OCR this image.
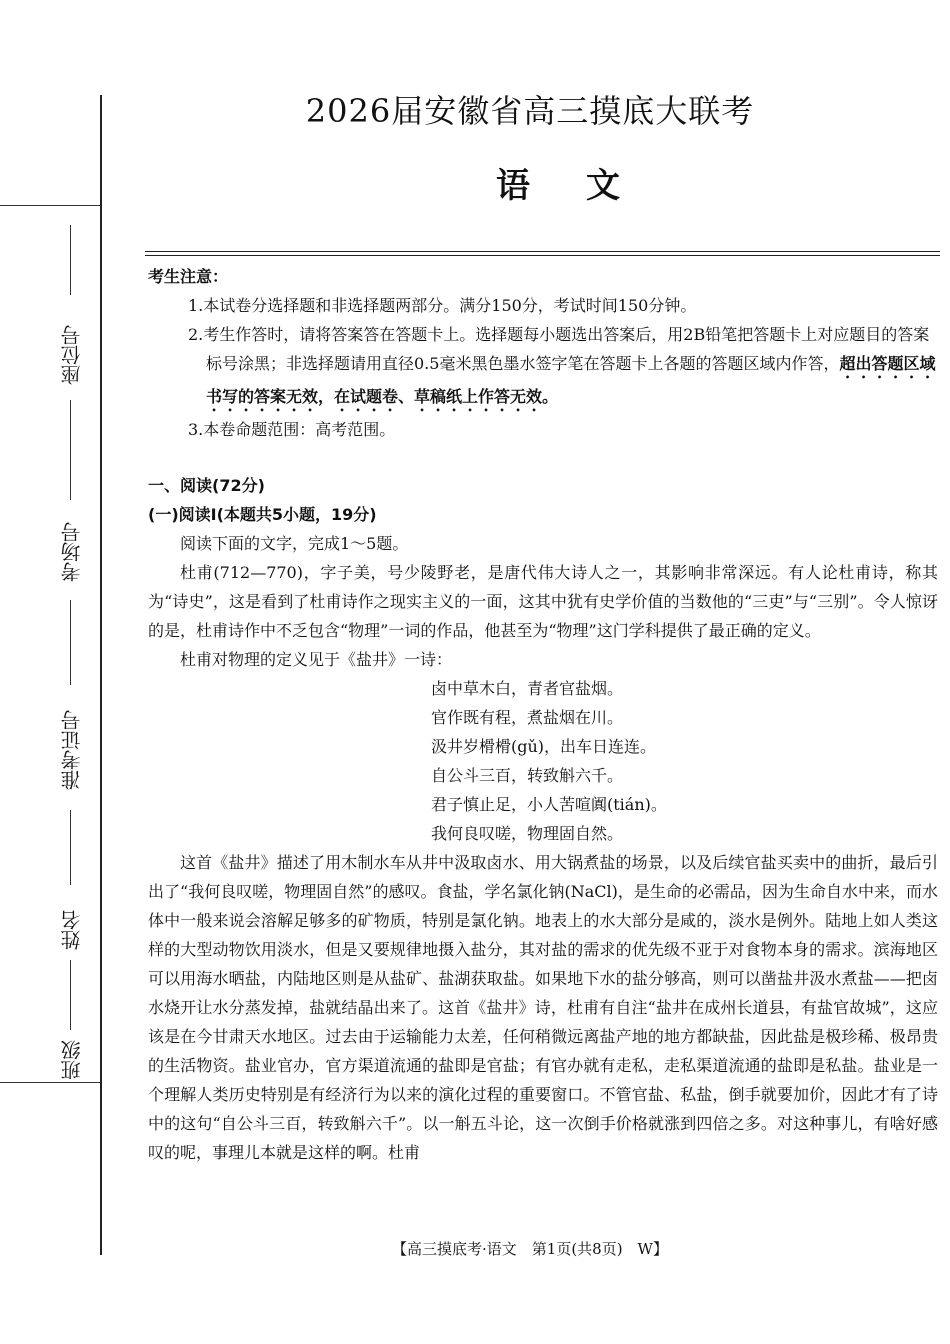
座位号
考场号
准考证号
姓名
班级
2026届安徽省高三摸底大联考
语文
考生注意：
1.本试卷分选择题和非选择题两部分。满分150分，考试时间150分钟。
2.考生作答时，请将答案答在答题卡上。选择题每小题选出答案后，用2B铅笔把答题卡上对应题目的答案标号涂黑；非选择题请用直径0.5毫米黑色墨水签字笔在答题卡上各题的答题区域内作答，超出答题区域书写的答案无效，在试题卷、草稿纸上作答无效。
3.本卷命题范围：高考范围。
一、阅读(72分)
(一)阅读Ⅰ(本题共5小题，19分)

阅读下面的文字，完成1～5题。

杜甫(712—770)，字子美，号少陵野老，是唐代伟大诗人之一，其影响非常深远。有人论杜甫诗，称其为“诗史”，这是看到了杜甫诗作之现实主义的一面，这其中犹有史学价值的当数他的“三吏”与“三别”。令人惊讶的是，杜甫诗作中不乏包含“物理”一词的作品，他甚至为“物理”这门学科提供了最正确的定义。

杜甫对物理的定义见于《盐井》一诗：

卤中草木白，青者官盐烟。
官作既有程，煮盐烟在川。
汲井岁榾榾(gǔ)，出车日连连。
自公斗三百，转致斛六千。
君子慎止足，小人苦喧阗(tián)。
我何良叹嗟，物理固自然。

这首《盐井》描述了用木制水车从井中汲取卤水、用大锅煮盐的场景，以及后续官盐买卖中的曲折，最后引出了“我何良叹嗟，物理固自然”的感叹。食盐，学名氯化钠(NaCl)，是生命的必需品，因为生命自水中来，而水体中一般来说会溶解足够多的矿物质，特别是氯化钠。地表上的水大部分是咸的，淡水是例外。陆地上如人类这样的大型动物饮用淡水，但是又要规律地摄入盐分，其对盐的需求的优先级不亚于对食物本身的需求。滨海地区可以用海水晒盐，内陆地区则是从盐矿、盐湖获取盐。如果地下水的盐分够高，则可以凿盐井汲水煮盐——把卤水烧开让水分蒸发掉，盐就结晶出来了。这首《盐井》诗，杜甫有自注“盐井在成州长道县，有盐官故城”，这应该是在今甘肃天水地区。过去由于运输能力太差，任何稍微远离盐产地的地方都缺盐，因此盐是极珍稀、极昂贵的生活物资。盐业官办，官方渠道流通的盐即是官盐；有官办就有走私，走私渠道流通的盐即是私盐。盐业是一个理解人类历史特别是有经济行为以来的演化过程的重要窗口。不管官盐、私盐，倒手就要加价，因此才有了诗中的这句“自公斗三百，转致斛六千”。以一斛五斗论，这一次倒手价格就涨到四倍之多。对这种事儿，有啥好感叹的呢，事理儿本就是这样的啊。杜甫

【高三摸底考·语文　第1页(共8页)　W】
